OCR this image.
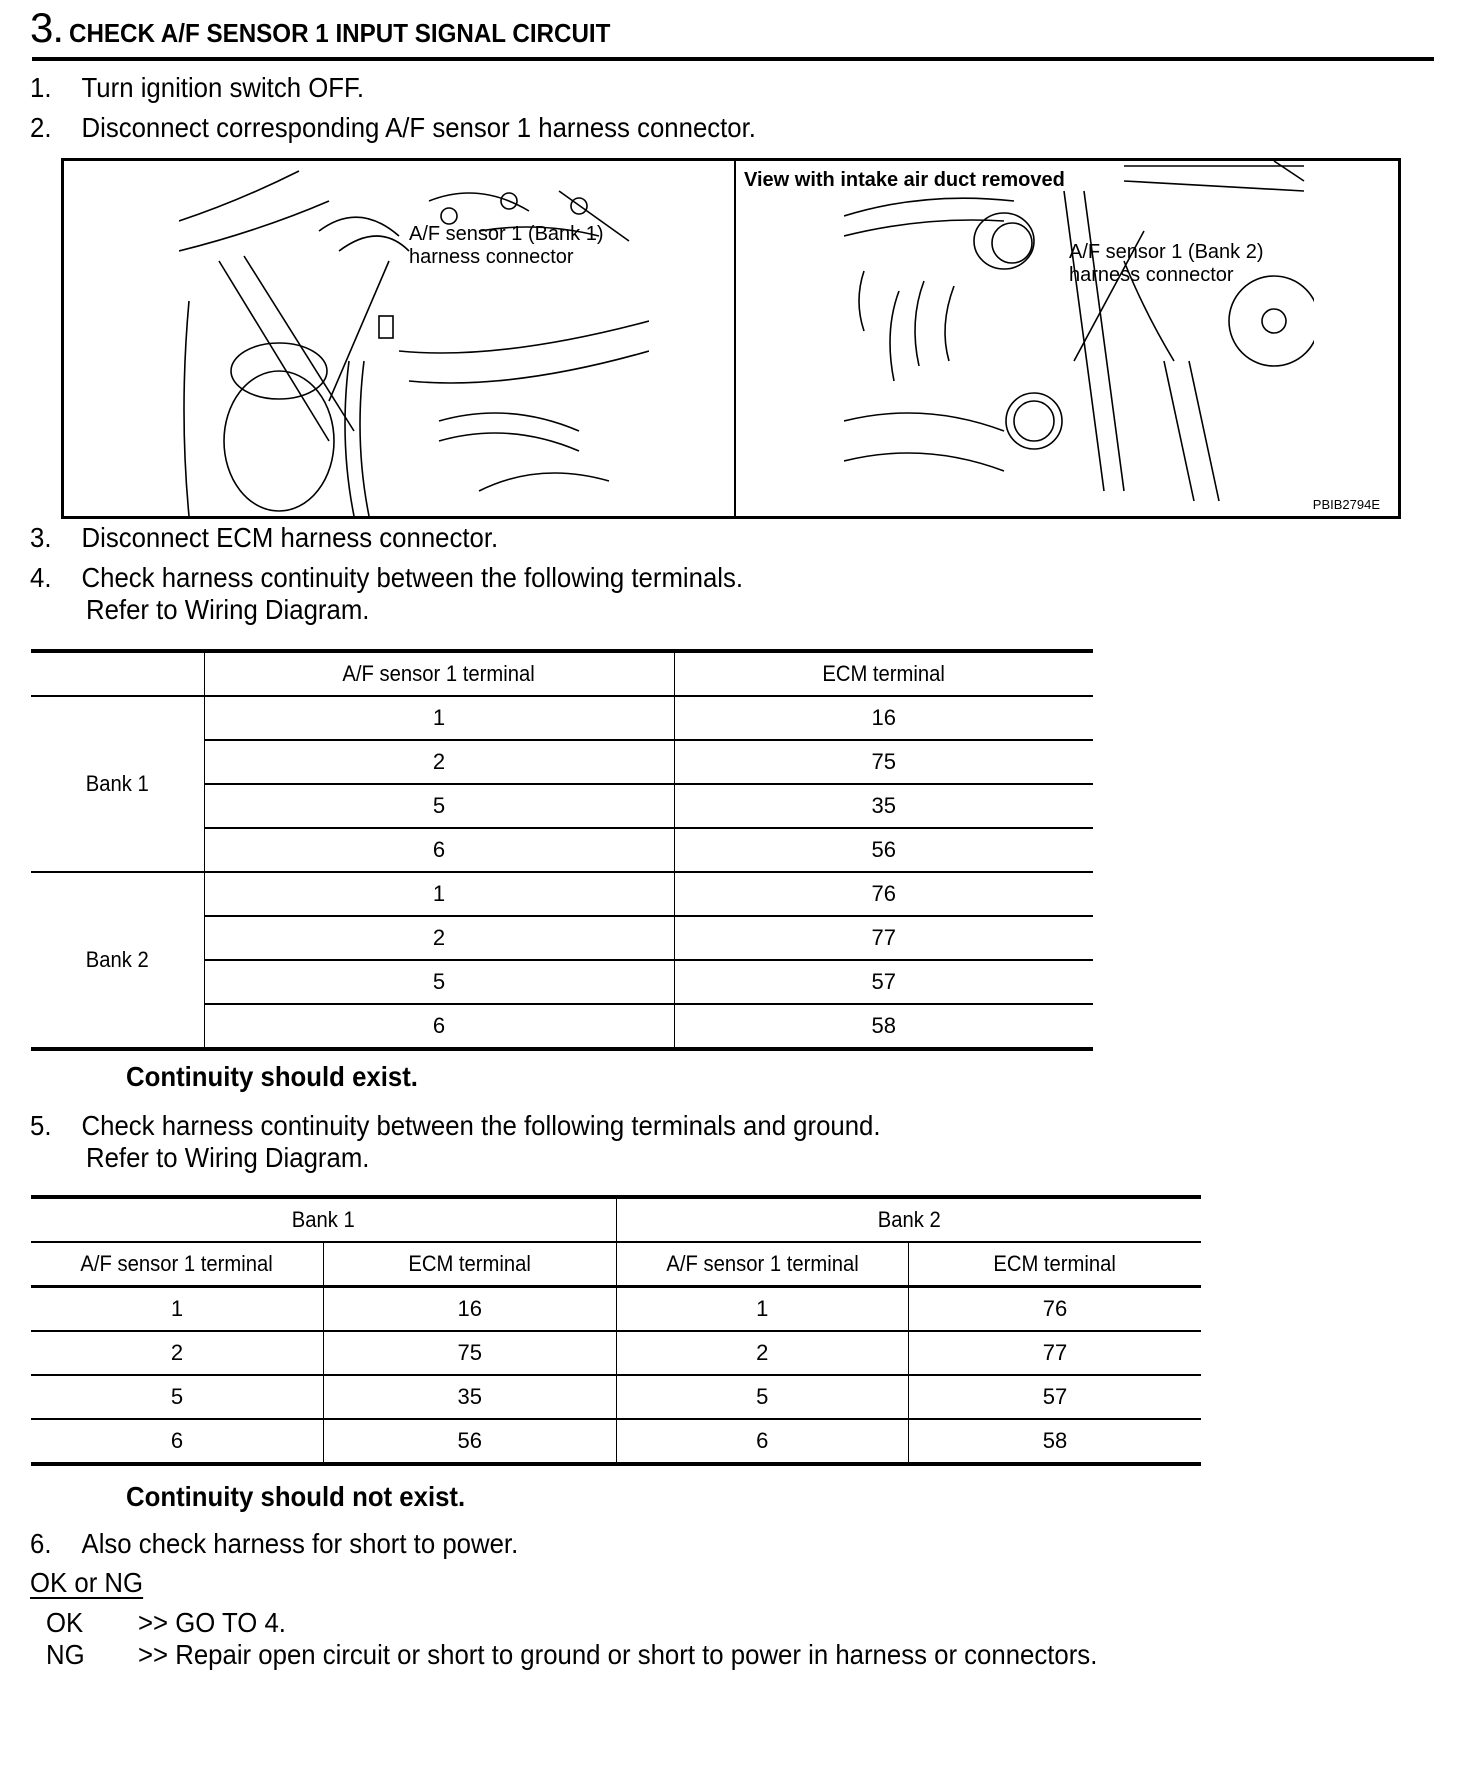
3. CHECK A/F SENSOR 1 INPUT SIGNAL CIRCUIT
1. Turn ignition switch OFF.
2. Disconnect corresponding A/F sensor 1 harness connector.
A/F sensor 1 (Bank 1)
harness connector
View with intake air duct removed
A/F sensor 1 (Bank 2)
harness connector
PBIB2794E
3. Disconnect ECM harness connector.
4. Check harness continuity between the following terminals.
Refer to Wiring Diagram.
	A/F sensor 1 terminal	ECM terminal
Bank 1	1	16
	2	75
	5	35
	6	56
Bank 2	1	76
	2	77
	5	57
	6	58
Continuity should exist.
5. Check harness continuity between the following terminals and ground.
Refer to Wiring Diagram.
Bank 1		Bank 2	
A/F sensor 1 terminal	ECM terminal	A/F sensor 1 terminal	ECM terminal
1	16	1	76
2	75	2	77
5	35	5	57
6	56	6	58
Continuity should not exist.
6. Also check harness for short to power.
OK or NG
OK	>> GO TO 4.
NG	>> Repair open circuit or short to ground or short to power in harness or connectors.
